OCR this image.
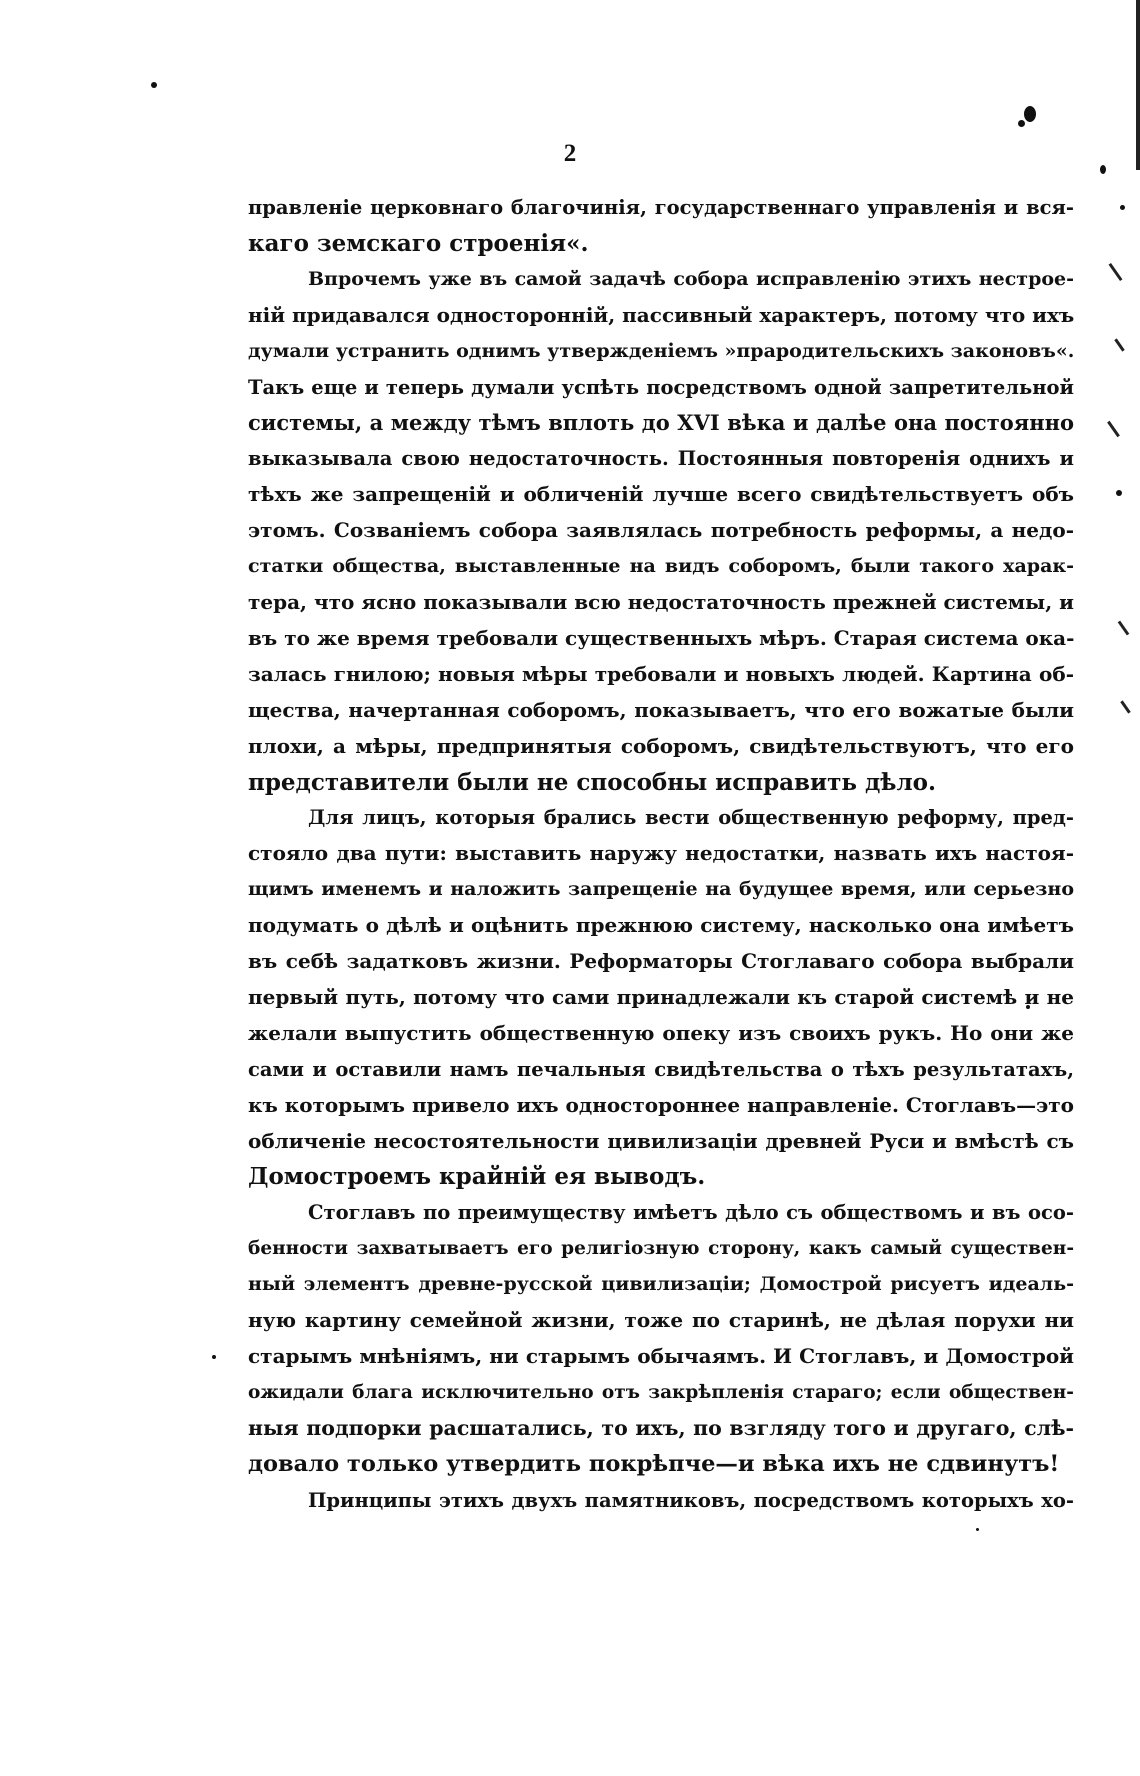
2
правленіе церковнаго благочинія, государственнаго управленія и вся-
каго земскаго строенія«.
Впрочемъ уже въ самой задачѣ собора исправленію этихъ нестрое-
ній придавался односторонній, пассивный характеръ, потому что ихъ
думали устранить однимъ утвержденіемъ »прародительскихъ законовъ«.
Такъ еще и теперь думали успѣть посредствомъ одной запретительной
системы, а между тѣмъ вплоть до XVI вѣка и далѣе она постоянно
выказывала свою недостаточность. Постоянныя повторенія однихъ и
тѣхъ же запрещеній и обличеній лучше всего свидѣтельствуетъ объ
этомъ. Созваніемъ собора заявлялась потребность реформы, а недо-
статки общества, выставленные на видъ соборомъ, были такого харак-
тера, что ясно показывали всю недостаточность прежней системы, и
въ то же время требовали существенныхъ мѣръ. Старая система ока-
залась гнилою; новыя мѣры требовали и новыхъ людей. Картина об-
щества, начертанная соборомъ, показываетъ, что его вожатые были
плохи, а мѣры, предпринятыя соборомъ, свидѣтельствуютъ, что его
представители были не способны исправить дѣло.
Для лицъ, которыя брались вести общественную реформу, пред-
стояло два пути: выставить наружу недостатки, назвать ихъ настоя-
щимъ именемъ и наложить запрещеніе на будущее время, или серьезно
подумать о дѣлѣ и оцѣнить прежнюю систему, насколько она имѣетъ
въ себѣ задатковъ жизни. Реформаторы Стоглаваго собора выбрали
первый путь, потому что сами принадлежали къ старой системѣ и не
желали выпустить общественную опеку изъ своихъ рукъ. Но они же
сами и оставили намъ печальныя свидѣтельства о тѣхъ результатахъ,
къ которымъ привело ихъ одностороннее направленіе. Стоглавъ—это
обличеніе несостоятельности цивилизаціи древней Руси и вмѣстѣ съ
Домостроемъ крайній ея выводъ.
Стоглавъ по преимуществу имѣетъ дѣло съ обществомъ и въ осо-
бенности захватываетъ его религіозную сторону, какъ самый существен-
ный элементъ древне-русской цивилизаціи; Домострой рисуетъ идеаль-
ную картину семейной жизни, тоже по старинѣ, не дѣлая порухи ни
старымъ мнѣніямъ, ни старымъ обычаямъ. И Стоглавъ, и Домострой
ожидали блага исключительно отъ закрѣпленія стараго; если обществен-
ныя подпорки расшатались, то ихъ, по взгляду того и другаго, слѣ-
довало только утвердить покрѣпче—и вѣка ихъ не сдвинутъ!
Принципы этихъ двухъ памятниковъ, посредствомъ которыхъ хо-
